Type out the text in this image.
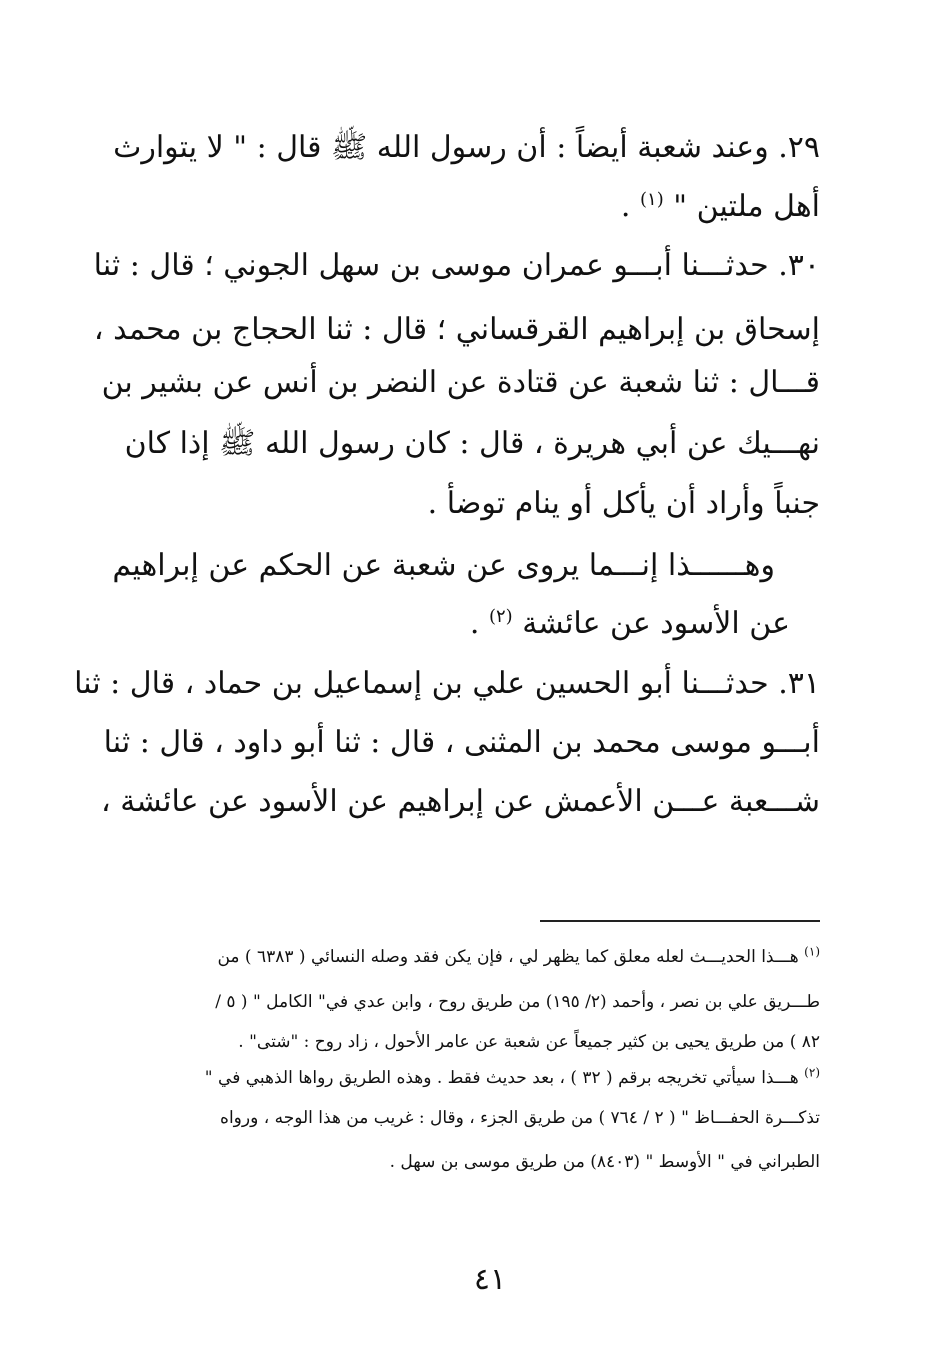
٢٩. وعند شعبة أيضاً : أن رسول الله ﷺ قال : " لا يتوارث
أهل ملتين " $^{(١)}$ .
٣٠. حدثـــنا أبـــو عمران موسى بن سهل الجوني ؛ قال : ثنا
إسحاق بن إبراهيم القرقساني ؛ قال : ثنا الحجاج بن محمد ،
قـــال : ثنا شعبة عن قتادة عن النضر بن أنس عن بشير بن
نهـــيك عن أبي هريرة ، قال : كان رسول الله ﷺ إذا كان
جنباً وأراد أن يأكل أو ينام توضأ .
وهــــــذا إنـــما يروى عن شعبة عن الحكم عن إبراهيم
عن الأسود عن عائشة $^{(٢)}$ .
٣١. حدثـــنا أبو الحسين علي بن إسماعيل بن حماد ، قال : ثنا
أبـــو موسى محمد بن المثنى ، قال : ثنا أبو داود ، قال : ثنا
شـــعبة عـــن الأعمش عن إبراهيم عن الأسود عن عائشة ،
$^{(١)}$ هـــذا الحديـــث لعله معلق كما يظهر لي ، فإن يكن فقد وصله النسائي ( ٦٣٨٣ ) من
طـــريق علي بن نصر ، وأحمد (٢/ ١٩٥) من طريق روح ، وابن عدي في" الكامل " ( ٥ /
٨٢ ) من طريق يحيى بن كثير جميعاً عن شعبة عن عامر الأحول ، زاد روح : "شتى" .
$^{(٢)}$ هـــذا سيأتي تخريجه برقم ( ٣٢ ) ، بعد حديث فقط . وهذه الطريق رواها الذهبي في "
تذكـــرة الحفـــاظ " ( ٢ / ٧٦٤ ) من طريق الجزء ، وقال : غريب من هذا الوجه ، ورواه
الطبراني في " الأوسط " (٨٤٠٣) من طريق موسى بن سهل .
٤١
